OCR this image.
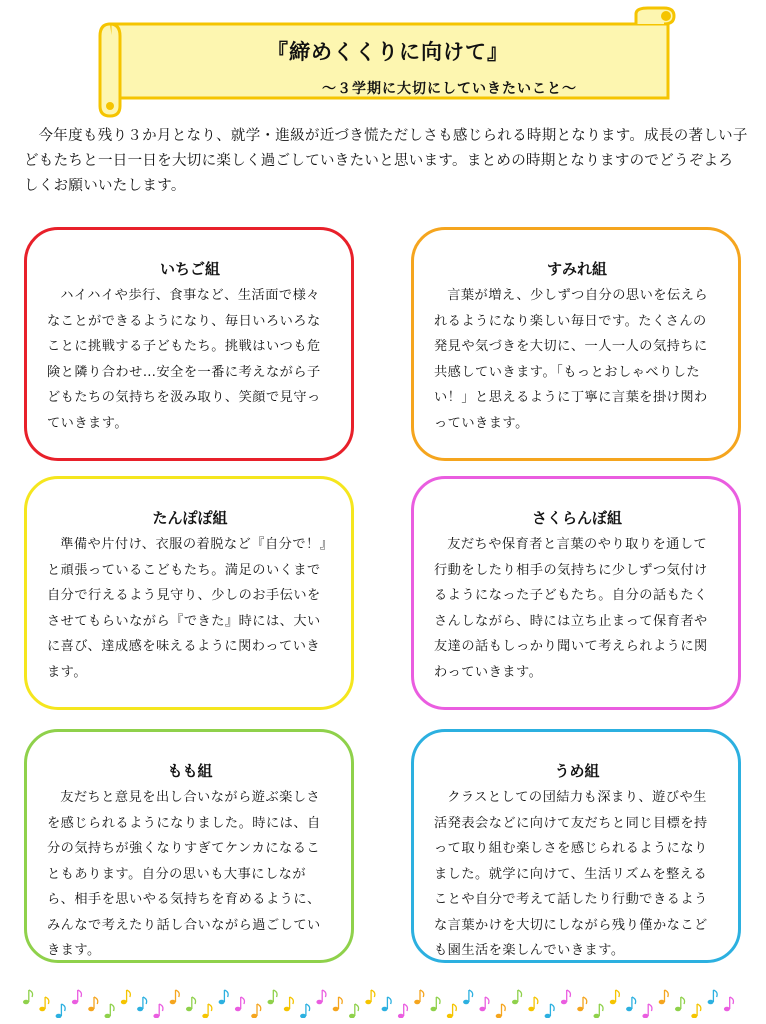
『締めくくりに向けて』
～３学期に大切にしていきたいこと～

今年度も残り３か月となり、就学・進級が近づき慌ただしさも感じられる時期となります。成長の著しい子どもたちと一日一日を大切に楽しく過ごしていきたいと思います。まとめの時期となりますのでどうぞよろしくお願いいたします。

いちご組

ハイハイや歩行、食事など、生活面で様々なことができるようになり、毎日いろいろなことに挑戦する子どもたち。挑戦はいつも危険と隣り合わせ…安全を一番に考えながら子どもたちの気持ちを汲み取り、笑顔で見守っていきます。

すみれ組

言葉が増え、少しずつ自分の思いを伝えられるようになり楽しい毎日です。たくさんの発見や気づきを大切に、一人一人の気持ちに共感していきます。「もっとおしゃべりしたい！」と思えるように丁寧に言葉を掛け関わっていきます。

たんぽぽ組

準備や片付け、衣服の着脱など『自分で！』と頑張っているこどもたち。満足のいくまで自分で行えるよう見守り、少しのお手伝いをさせてもらいながら『できた』時には、大いに喜び、達成感を味えるように関わっていきます。

さくらんぼ組

友だちや保育者と言葉のやり取りを通して行動をしたり相手の気持ちに少しずつ気付けるようになった子どもたち。自分の話もたくさんしながら、時には立ち止まって保育者や友達の話もしっかり聞いて考えられように関わっていきます。

もも組

友だちと意見を出し合いながら遊ぶ楽しさを感じられるようになりました。時には、自分の気持ちが強くなりすぎてケンカになることもあります。自分の思いも大事にしながら、相手を思いやる気持ちを育めるように、みんなで考えたり話し合いながら過ごしていきます。

うめ組

クラスとしての団結力も深まり、遊びや生活発表会などに向けて友だちと同じ目標を持って取り組む楽しさを感じられるようになりました。就学に向けて、生活リズムを整えることや自分で考えて話したり行動できるような言葉かけを大切にしながら残り僅かなこども園生活を楽しんでいきます。
